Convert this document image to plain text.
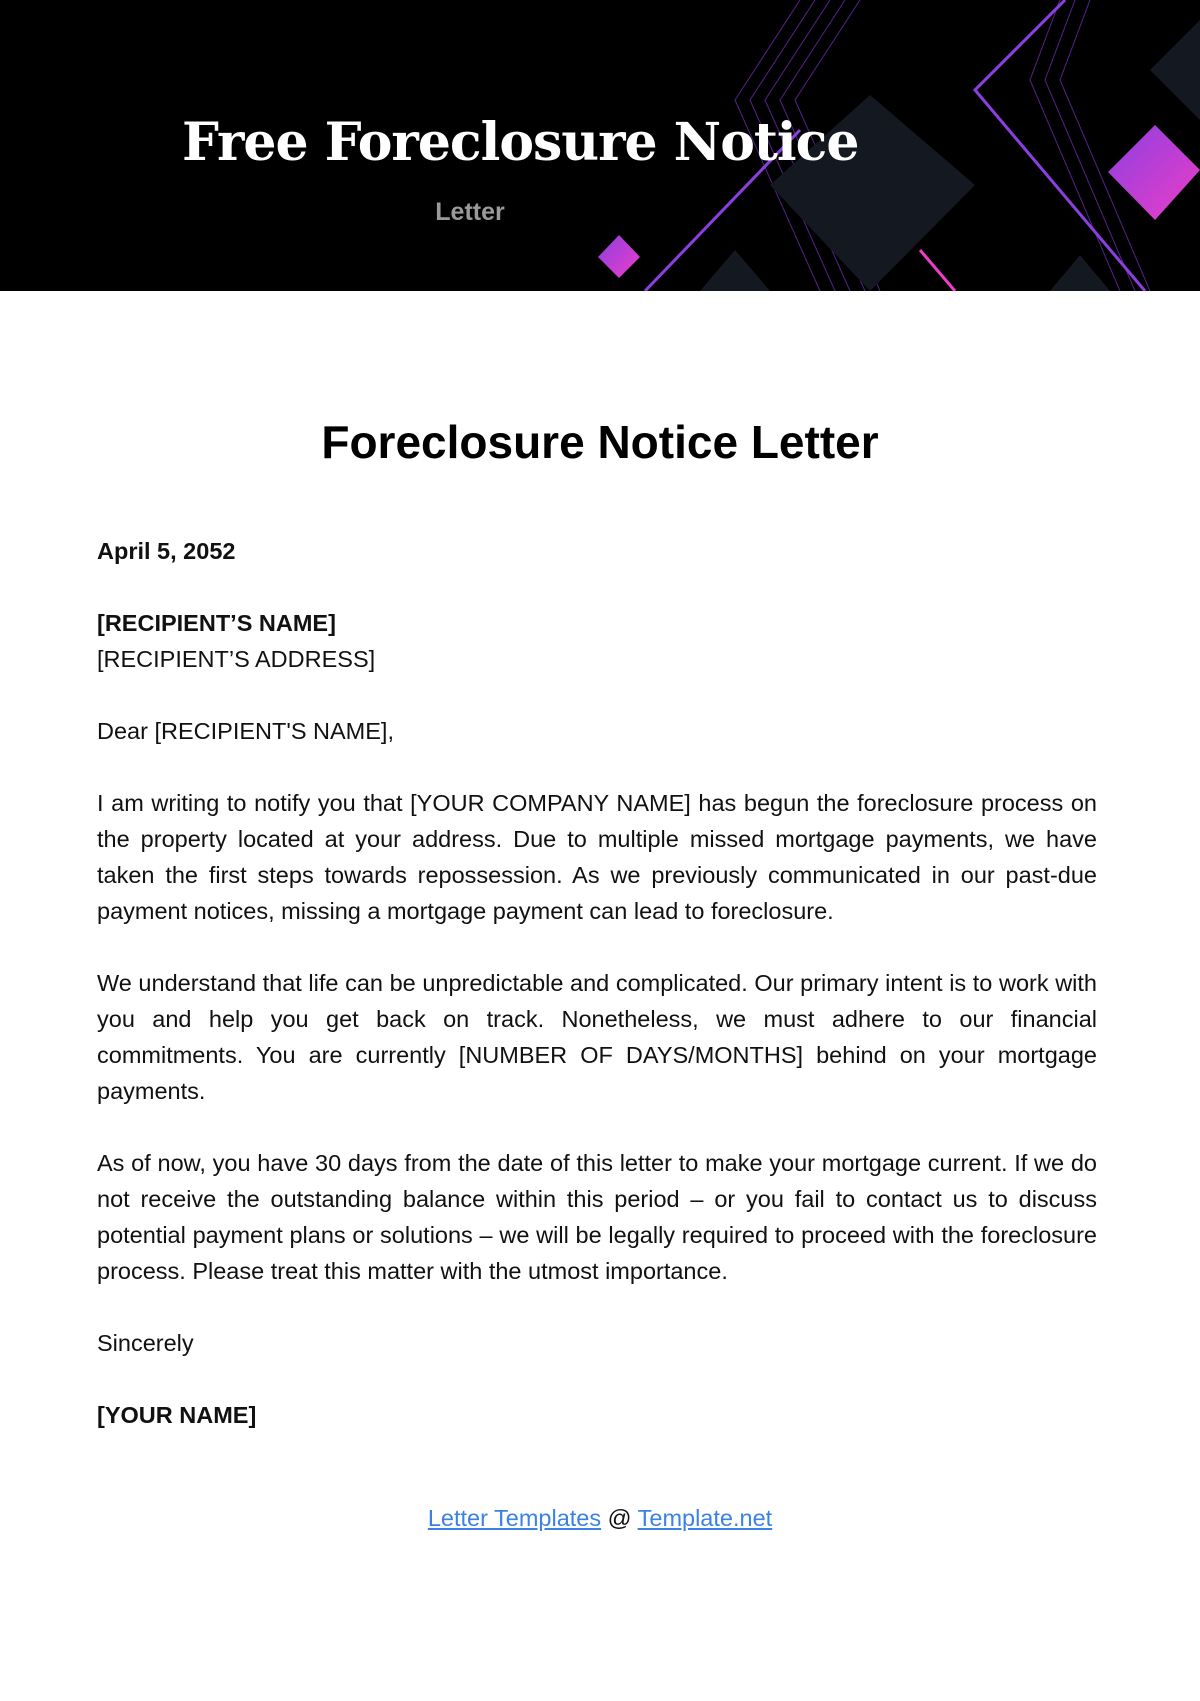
Free Foreclosure Notice
Letter
Foreclosure Notice Letter

April 5, 2052

[RECIPIENT’S NAME]
[RECIPIENT’S ADDRESS]

Dear [RECIPIENT'S NAME],

I am writing to notify you that [YOUR COMPANY NAME] has begun the foreclosure process on the property located at your address. Due to multiple missed mortgage payments, we have taken the first steps towards repossession. As we previously communicated in our past-due payment notices, missing a mortgage payment can lead to foreclosure.

We understand that life can be unpredictable and complicated. Our primary intent is to work with you and help you get back on track. Nonetheless, we must adhere to our financial commitments. You are currently [NUMBER OF DAYS/MONTHS] behind on your mortgage payments.

As of now, you have 30 days from the date of this letter to make your mortgage current. If we do not receive the outstanding balance within this period – or you fail to contact us to discuss potential payment plans or solutions – we will be legally required to proceed with the foreclosure process. Please treat this matter with the utmost importance.

Sincerely

[YOUR NAME]

Letter Templates @ Template.net
